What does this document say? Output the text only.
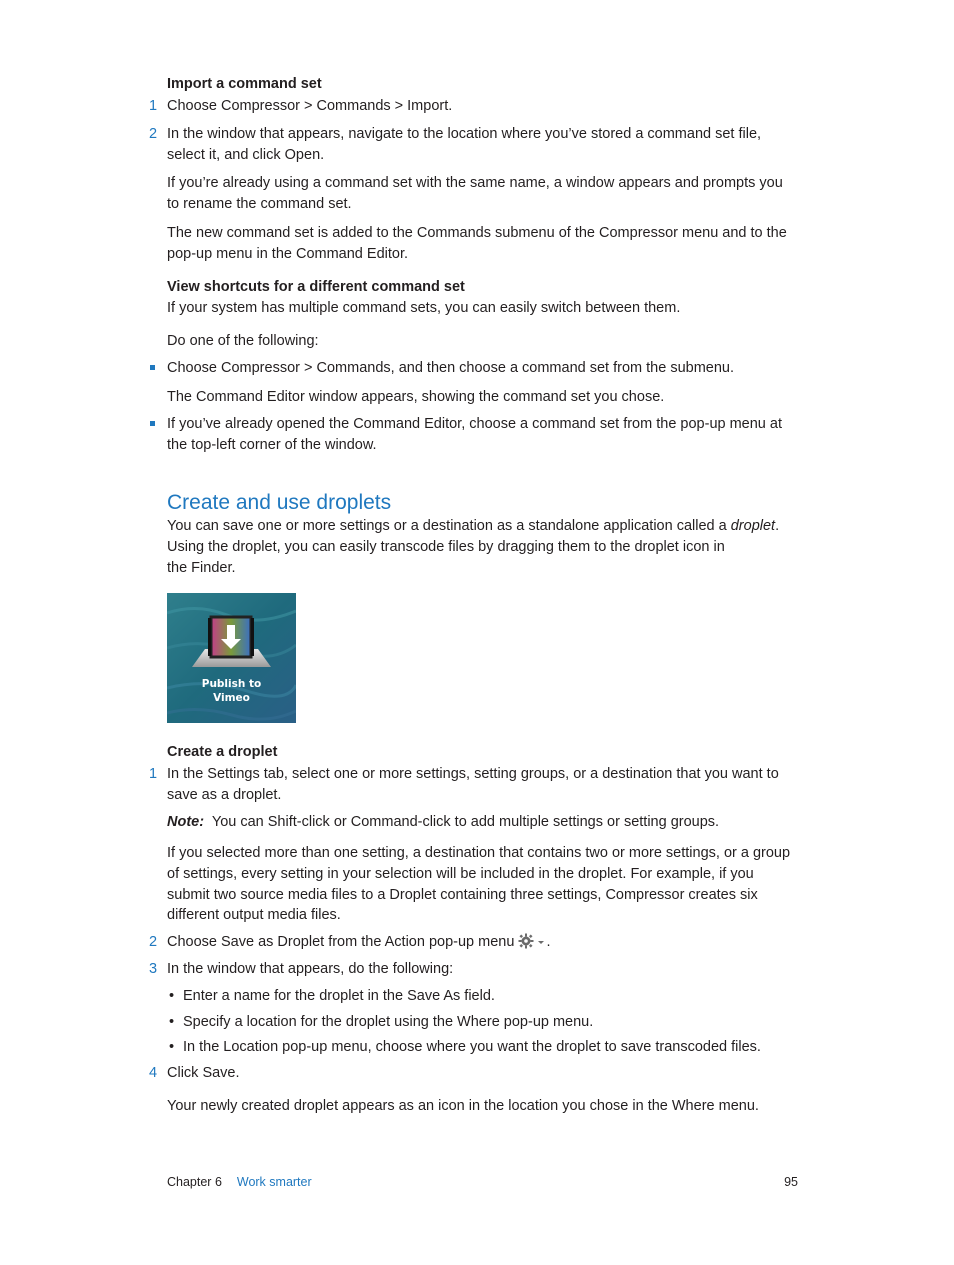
Import a command set
1 Choose Compressor > Commands > Import.
2 In the window that appears, navigate to the location where you’ve stored a command set file, select it, and click Open.
If you’re already using a command set with the same name, a window appears and prompts you to rename the command set.
The new command set is added to the Commands submenu of the Compressor menu and to the pop-up menu in the Command Editor.
View shortcuts for a different command set
If your system has multiple command sets, you can easily switch between them.
Do one of the following:
Choose Compressor > Commands, and then choose a command set from the submenu.
The Command Editor window appears, showing the command set you chose.
If you’ve already opened the Command Editor, choose a command set from the pop-up menu at the top-left corner of the window.
Create and use droplets
You can save one or more settings or a destination as a standalone application called a droplet.
Using the droplet, you can easily transcode files by dragging them to the droplet icon in
the Finder.
Publish to
Vimeo
Create a droplet
1 In the Settings tab, select one or more settings, setting groups, or a destination that you want to save as a droplet.
Note: You can Shift-click or Command-click to add multiple settings or setting groups.
If you selected more than one setting, a destination that contains two or more settings, or a group of settings, every setting in your selection will be included in the droplet. For example, if you submit two source media files to a Droplet containing three settings, Compressor creates six different output media files.
2 Choose Save as Droplet from the Action pop-up menu .
3 In the window that appears, do the following:
• Enter a name for the droplet in the Save As field.
• Specify a location for the droplet using the Where pop-up menu.
• In the Location pop-up menu, choose where you want the droplet to save transcoded files.
4 Click Save.
Your newly created droplet appears as an icon in the location you chose in the Where menu.
Chapter 6 Work smarter	95
